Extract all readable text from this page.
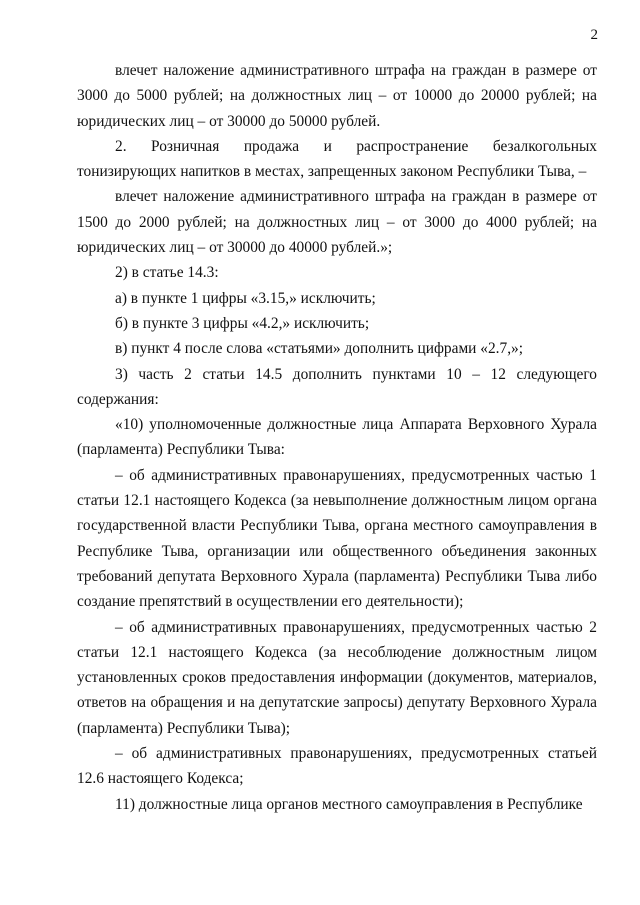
2

влечет наложение административного штрафа на граждан в размере от 3000 до 5000 рублей; на должностных лиц – от 10000 до 20000 рублей; на юридических лиц – от 30000 до 50000 рублей.

2. Розничная продажа и распространение безалкогольных тонизирующих напитков в местах, запрещенных законом Республики Тыва, –

влечет наложение административного штрафа на граждан в размере от 1500 до 2000 рублей; на должностных лиц – от 3000 до 4000 рублей; на юридических лиц – от 30000 до 40000 рублей.»;

2) в статье 14.3:

а) в пункте 1 цифры «3.15,» исключить;

б) в пункте 3 цифры «4.2,» исключить;

в) пункт 4 после слова «статьями» дополнить цифрами «2.7,»;

3) часть 2 статьи 14.5 дополнить пунктами 10 – 12 следующего содержания:

«10) уполномоченные должностные лица Аппарата Верховного Хурала (парламента) Республики Тыва:

– об административных правонарушениях, предусмотренных частью 1 статьи 12.1 настоящего Кодекса (за невыполнение должностным лицом органа государственной власти Республики Тыва, органа местного самоуправления в Республике Тыва, организации или общественного объединения законных требований депутата Верховного Хурала (парламента) Республики Тыва либо создание препятствий в осуществлении его деятельности);

– об административных правонарушениях, предусмотренных частью 2 статьи 12.1 настоящего Кодекса (за несоблюдение должностным лицом установленных сроков предоставления информации (документов, материалов, ответов на обращения и на депутатские запросы) депутату Верховного Хурала (парламента) Республики Тыва);

– об административных правонарушениях, предусмотренных статьей 12.6 настоящего Кодекса;

11) должностные лица органов местного самоуправления в Республике
